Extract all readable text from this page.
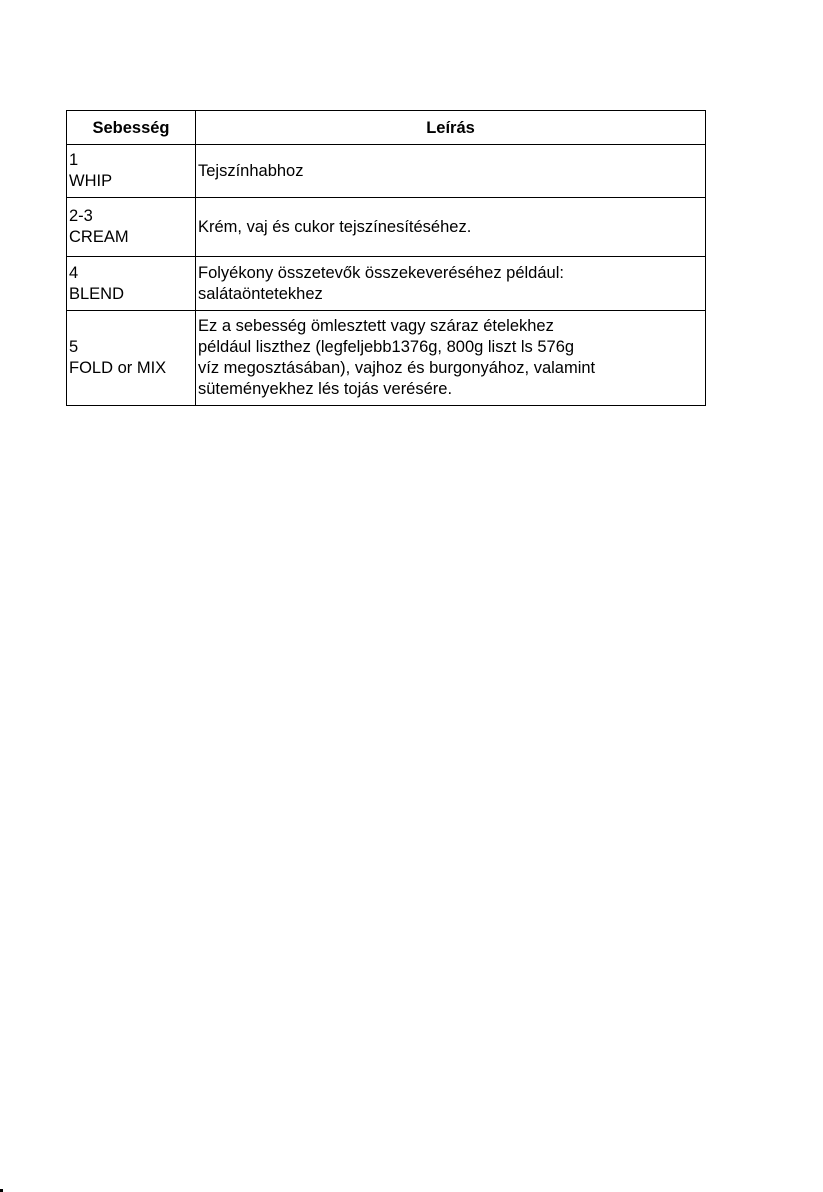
Sebesség	Leírás

1
WHIP	Tejszínhabhoz

2-3
CREAM	Krém, vaj és cukor tejszínesítéséhez.

4
BLEND	Folyékony összetevők összekeveréséhez például:
salátaöntetekhez

5
FOLD or MIX	Ez a sebesség ömlesztett vagy száraz ételekhez
például liszthez (legfeljebb1376g, 800g liszt ls 576g
víz megosztásában), vajhoz és burgonyához, valamint
süteményekhez lés tojás verésére.
